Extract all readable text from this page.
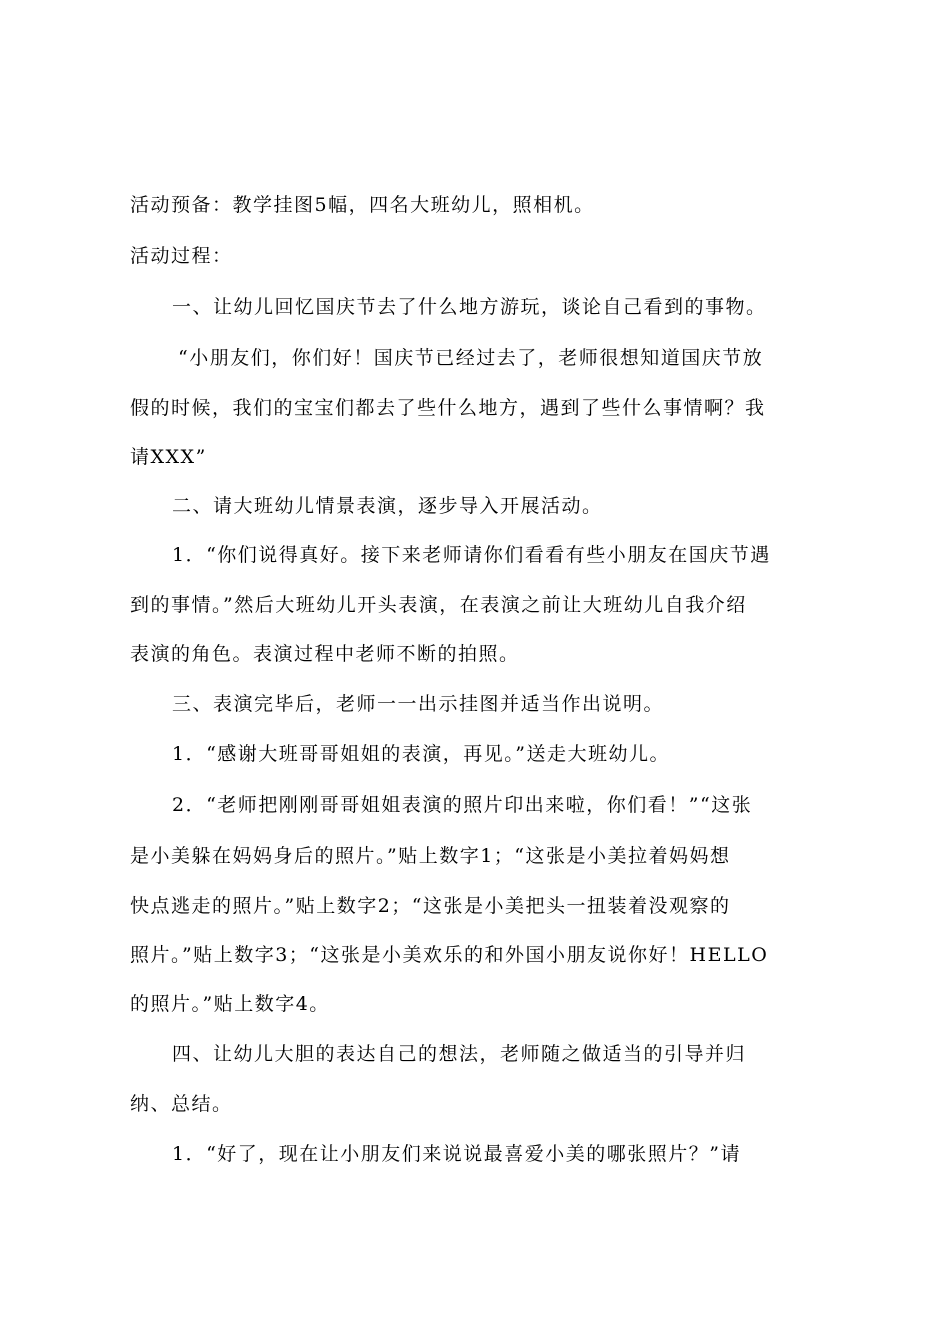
活动预备：教学挂图5幅，四名大班幼儿，照相机。
活动过程：
一、让幼儿回忆国庆节去了什么地方游玩，谈论自己看到的事物。
“小朋友们，你们好！国庆节已经过去了，老师很想知道国庆节放
假的时候，我们的宝宝们都去了些什么地方，遇到了些什么事情啊？我
请XXX”
二、请大班幼儿情景表演，逐步导入开展活动。
1．“你们说得真好。接下来老师请你们看看有些小朋友在国庆节遇
到的事情。”然后大班幼儿开头表演，在表演之前让大班幼儿自我介绍
表演的角色。表演过程中老师不断的拍照。
三、表演完毕后，老师一一出示挂图并适当作出说明。
1．“感谢大班哥哥姐姐的表演，再见。”送走大班幼儿。
2．“老师把刚刚哥哥姐姐表演的照片印出来啦，你们看！”“这张
是小美躲在妈妈身后的照片。”贴上数字1；“这张是小美拉着妈妈想
快点逃走的照片。”贴上数字2；“这张是小美把头一扭装着没观察的
照片。”贴上数字3；“这张是小美欢乐的和外国小朋友说你好！HELLO
的照片。”贴上数字4。
四、让幼儿大胆的表达自己的想法，老师随之做适当的引导并归
纳、总结。
1．“好了，现在让小朋友们来说说最喜爱小美的哪张照片？”请
